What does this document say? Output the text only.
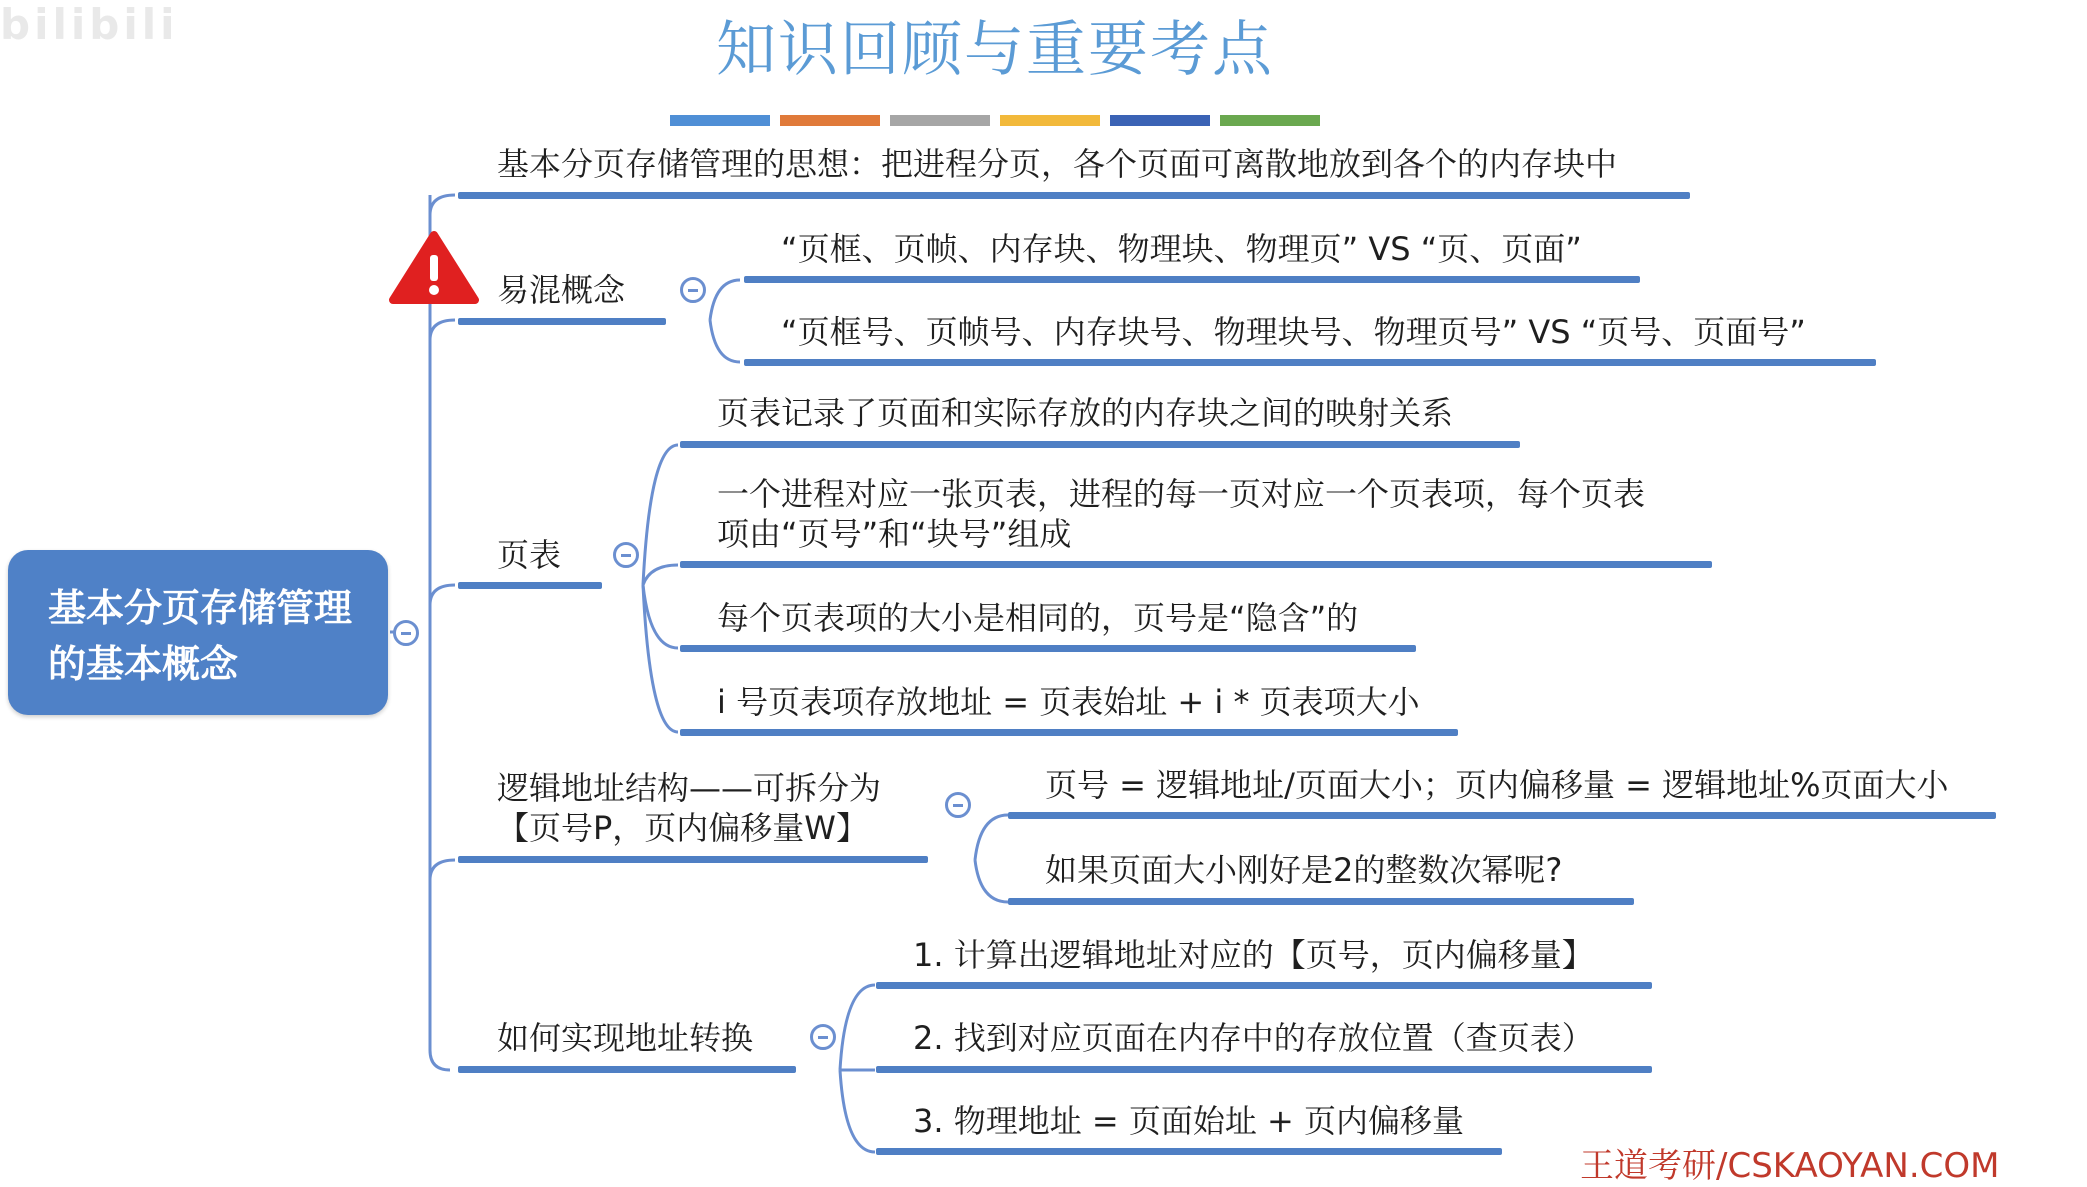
bilibili	知识回顾与重要考点
基本分页存储管理的基本概念
基本分页存储管理的思想：把进程分页，各个页面可离散地放到各个的内存块中
易混概念
“页框、页帧、内存块、物理块、物理页” VS “页、页面”
“页框号、页帧号、内存块号、物理块号、物理页号” VS “页号、页面号”
页表
页表记录了页面和实际存放的内存块之间的映射关系
一个进程对应一张页表，进程的每一页对应一个页表项，每个页表
项由“页号”和“块号”组成
每个页表项的大小是相同的，页号是“隐含”的
i 号页表项存放地址 = 页表始址 + i * 页表项大小
逻辑地址结构——可拆分为
【页号P，页内偏移量W】
页号 = 逻辑地址/页面大小；页内偏移量 = 逻辑地址%页面大小
如果页面大小刚好是2的整数次幂呢?
如何实现地址转换
1. 计算出逻辑地址对应的【页号，页内偏移量】
2. 找到对应页面在内存中的存放位置（查页表）
3. 物理地址 = 页面始址 + 页内偏移量
王道考研/CSKAOYAN.COM
